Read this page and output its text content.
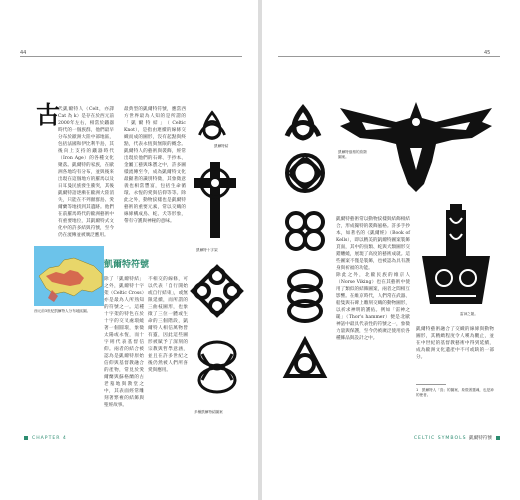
44
古
代凱爾特人（Celt，亦譯Cat 為 k）是存在於西元前2000年左右，相當於鐵器時代的一個族群，他們最早分布於歐洲大陸中部地區，包括法國和伊比利半島，其後向上支持的鐵器時代（Iron Age）的各種文化聚落。凱爾特的家族，在歐洲各地均有分布，並與後來出現在這個地方的羅馬以及日耳曼民族發生衝突，其後凱爾特語逐漸在歐洲大陸消失，只能在不列顛群島、愛爾蘭等地找到其遺跡。他們在前羅馬時代的歐洲藝術中有重要地位，其凱爾特式文化中的許多結與符號，至今仍在流傳並被廣泛應用。
最典型的凱爾特符號，應當西方世界最為人知的是所謂的「凱爾特結」（Celtic Knot），是指由連續的線條交織而成的圖形，沒有起點與終點，代表永恆與無限的概念。凱爾特人的藝術與裝飾，經常出現於他們的石碑、手抄本、金屬工藝與珠寶之中，許多圖樣流傳至今，成為凱爾特文化最顯著的識別特徵，其象徵意義也相當豐富，包括生命循環、永恆的愛與信仰等等。除此之外，動物紋樣也是凱爾特藝術的重要元素，常以交織的線條構成鳥、蛇、犬等形象，帶有守護與神秘的意味。
西元前3世紀凱爾特人分布地區圖。
凱爾特符號
除了「凱爾特結」之外，凱爾特十字架（Celtic Cross）亦是最為人所熟知的符號之一。這種十字架的特色在於十字的交叉處環繞著一個圓環，象徵太陽或永恆，而十字則代表基督信仰。兩者的結合被認為是凱爾特原始信仰與基督教融合的產物，常見於愛爾蘭與蘇格蘭的古老墓地與教堂之中，其表面經常雕刻著繁複的結飾與聖經故事。
不相交的線條，可以代表「自行開始或自行結束」，或無限延續，而所謂的三曲枝圖形，也象徵了三位一體或生命的三個階段，凱爾特人相信萬物皆有靈，因此這些圖形被賦予了深刻的宗教與哲學意涵，並且在許多世紀之後仍然被人們所喜愛與應用。
凱爾特結
凱爾特十字架
多種凱爾特結圖案
CHAPTER 4
45
凱爾特風格的鳥類圖案。
凱爾特藝術常以動物紋樣與結飾相結合，形成獨特的裝飾風格。許多手抄本，如著名的《凱爾經》（Book of Kells），即以精美的凱爾特圖案裝飾頁面，其中的鳥類、蛇與犬類圖形交錯纏繞，展現了高度的藝術成就。這些圖案不僅是裝飾，也被認為具有護身與祈福的功能。
除此之外，北歐民族的維京人（Norse Viking）也在其藝術中使用了類似的結飾圖案，兩者之間相互影響。在維京時代，人們常在武器、船隻與石碑上雕刻交織的動物圖形，以祈求神明的護佑。例如「雷神之鎚」（Thor's hammer）便是北歐神話中最具代表性的符號之一，象徵力量與保護，至今仍被廣泛使用於各種飾品與設計之中。
雷神之鎚。
凱爾特藝術融合了交織的線條與動物圖形，其精緻程度令人嘆為觀止，並在中世紀的基督教藝術中得到延續，成為歐洲文化遺產中不可或缺的一部分。
1　凱爾特人「鳥」的圖案，象徵著靈魂，也是神的使者。
CELTIC SYMBOLS 凱爾特符號
